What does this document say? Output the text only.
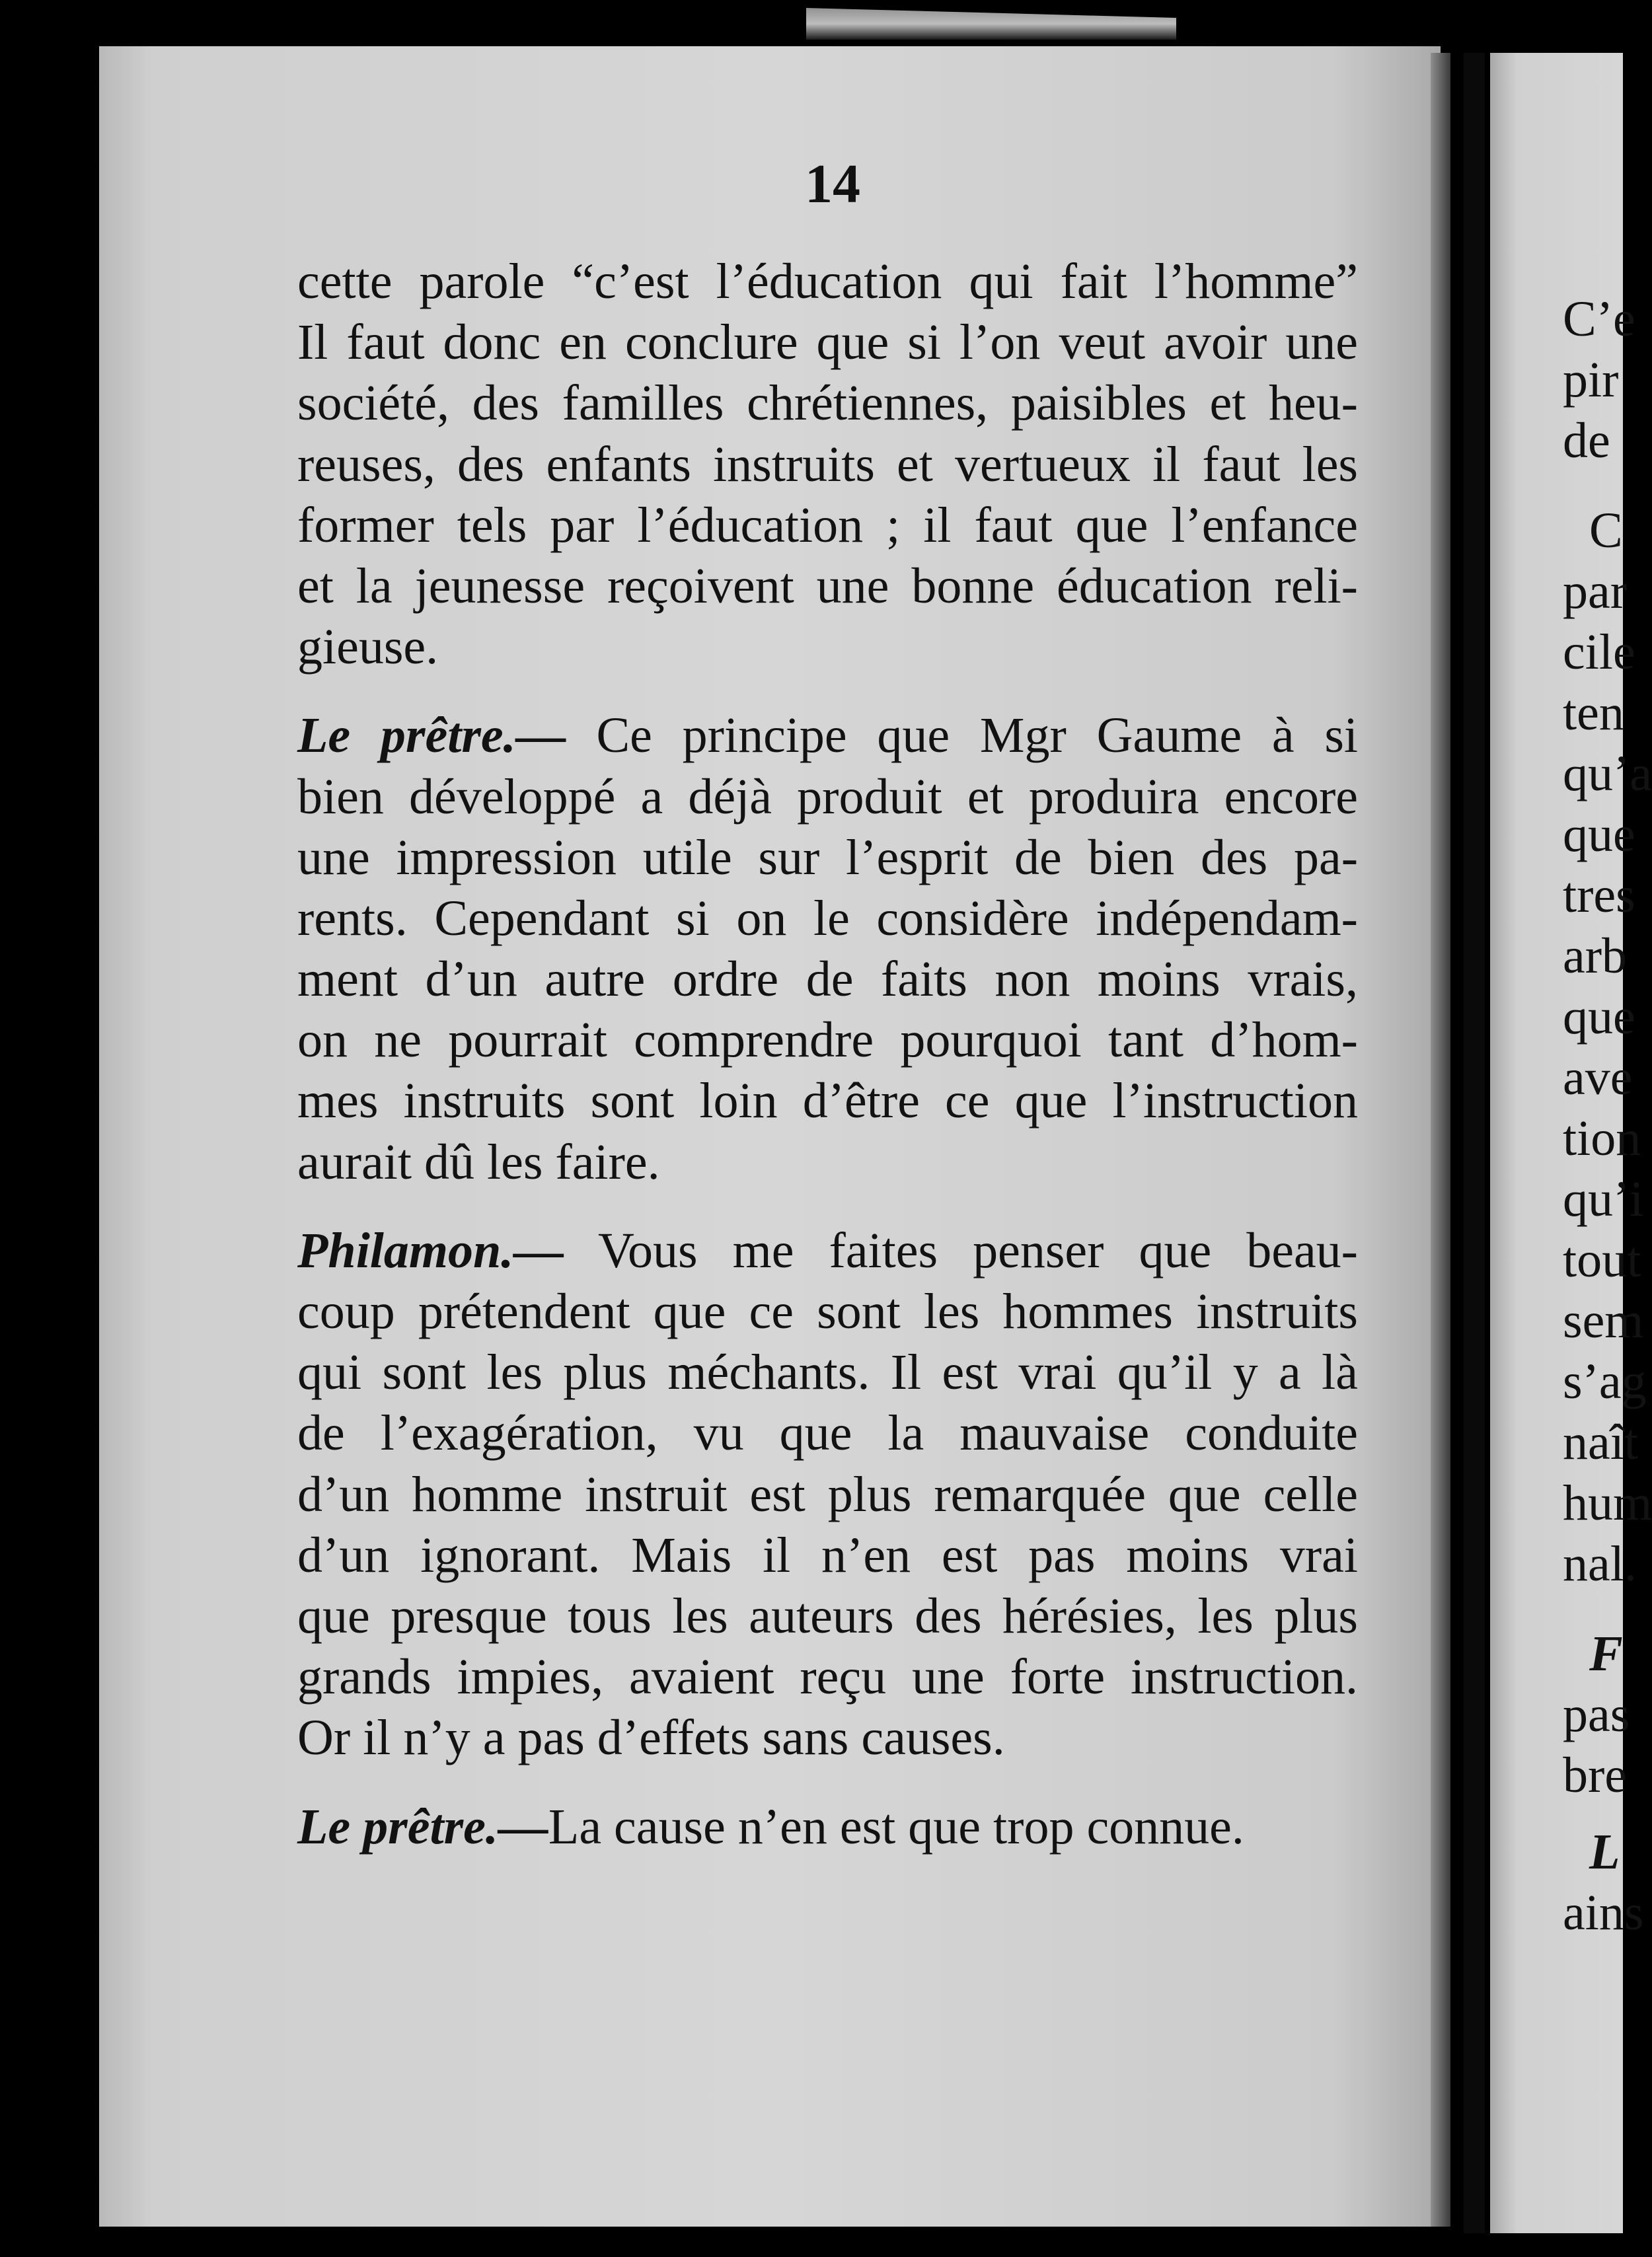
14
cette parole “c’est l’éducation qui fait l’homme”
Il faut donc en conclure que si l’on veut avoir une
société, des familles chrétiennes, paisibles et heu-
reuses, des enfants instruits et vertueux il faut les
former tels par l’éducation ; il faut que l’enfance
et la jeunesse reçoivent une bonne éducation reli-
gieuse.
Le prêtre.— Ce principe que Mgr Gaume à si
bien développé a déjà produit et produira encore
une impression utile sur l’esprit de bien des pa-
rents. Cependant si on le considère indépendam-
ment d’un autre ordre de faits non moins vrais,
on ne pourrait comprendre pourquoi tant d’hom-
mes instruits sont loin d’être ce que l’instruction
aurait dû les faire.
Philamon.— Vous me faites penser que beau-
coup prétendent que ce sont les hommes instruits
qui sont les plus méchants. Il est vrai qu’il y a là
de l’exagération, vu que la mauvaise conduite
d’un homme instruit est plus remarquée que celle
d’un ignorant. Mais il n’en est pas moins vrai
que presque tous les auteurs des hérésies, les plus
grands impies, avaient reçu une forte instruction.
Or il n’y a pas d’effets sans causes.
Le prêtre.—La cause n’en est que trop connue.
C’e
pir
de
C
par
cile
ten
qu’a
que
tres
arb
que
ave
tion
qu’i
tout
sem
s’ag
naît
hum
nal.
F
pas
bre
L
ains
